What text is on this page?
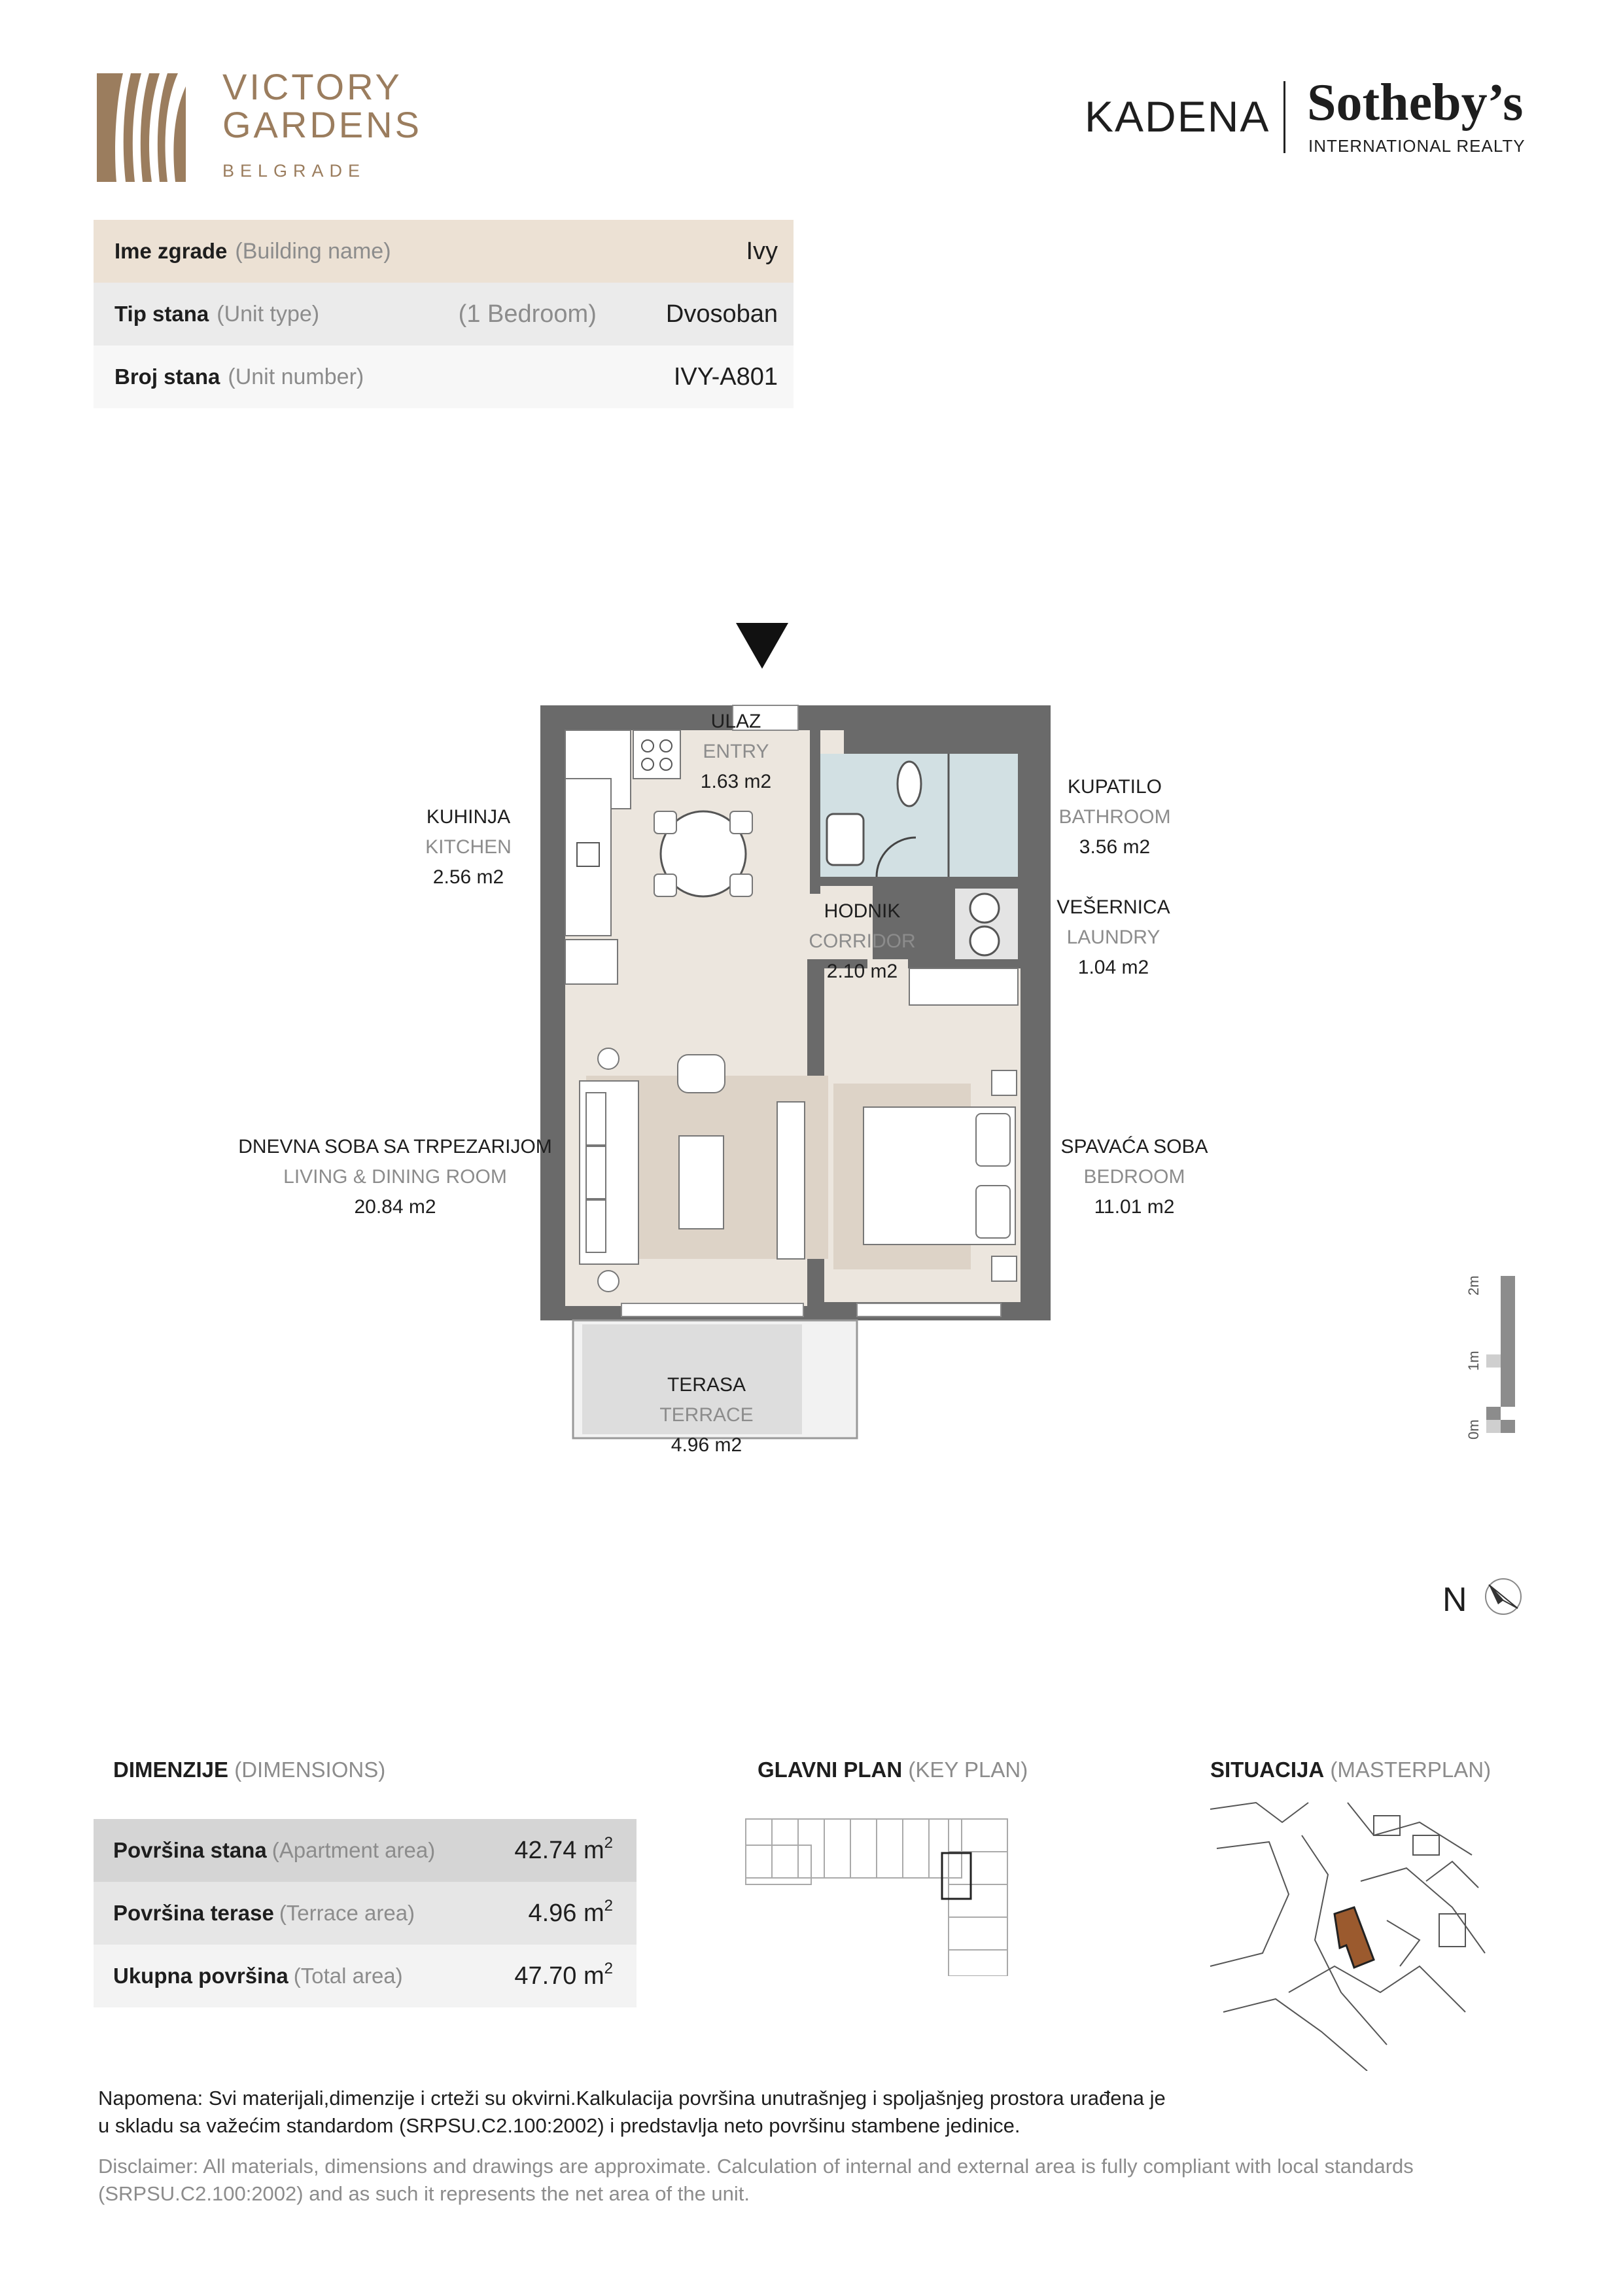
VICTORY
GARDENS
BELGRADE
KADENA Sotheby’s
INTERNATIONAL REALTY
Ime zgrade (Building name)	Ivy
Tip stana (Unit type)	(1 Bedroom)	Dvosoban
Broj stana (Unit number)	IVY-A801
ULAZ
ENTRY
1.63 m2
KUHINJA
KITCHEN
2.56 m2
KUPATILO
BATHROOM
3.56 m2
VEŠERNICA
LAUNDRY
1.04 m2
HODNIK
CORRIDOR
2.10 m2
DNEVNA SOBA SA TRPEZARIJOM
LIVING & DINING ROOM
20.84 m2
SPAVAĆA SOBA
BEDROOM
11.01 m2
TERASA
TERRACE
4.96 m2
2m
1m
0m
N
DIMENZIJE (DIMENSIONS)
Površina stana (Apartment area)	42.74 $m^2$
Površina terase (Terrace area)	4.96 $m^2$
Ukupna površina (Total area)	47.70 $m^2$
GLAVNI PLAN (KEY PLAN)	SITUACIJA (MASTERPLAN)
Napomena: Svi materijali,dimenzije i crteži su okvirni.Kalkulacija površina unutrašnjeg i spoljašnjeg prostora urađena je
u skladu sa važećim standardom (SRPSU.C2.100:2002) i predstavlja neto površinu stambene jedinice.
Disclaimer: All materials, dimensions and drawings are approximate. Calculation of internal and external area is fully compliant with local standards
(SRPSU.C2.100:2002) and as such it represents the net area of the unit.
